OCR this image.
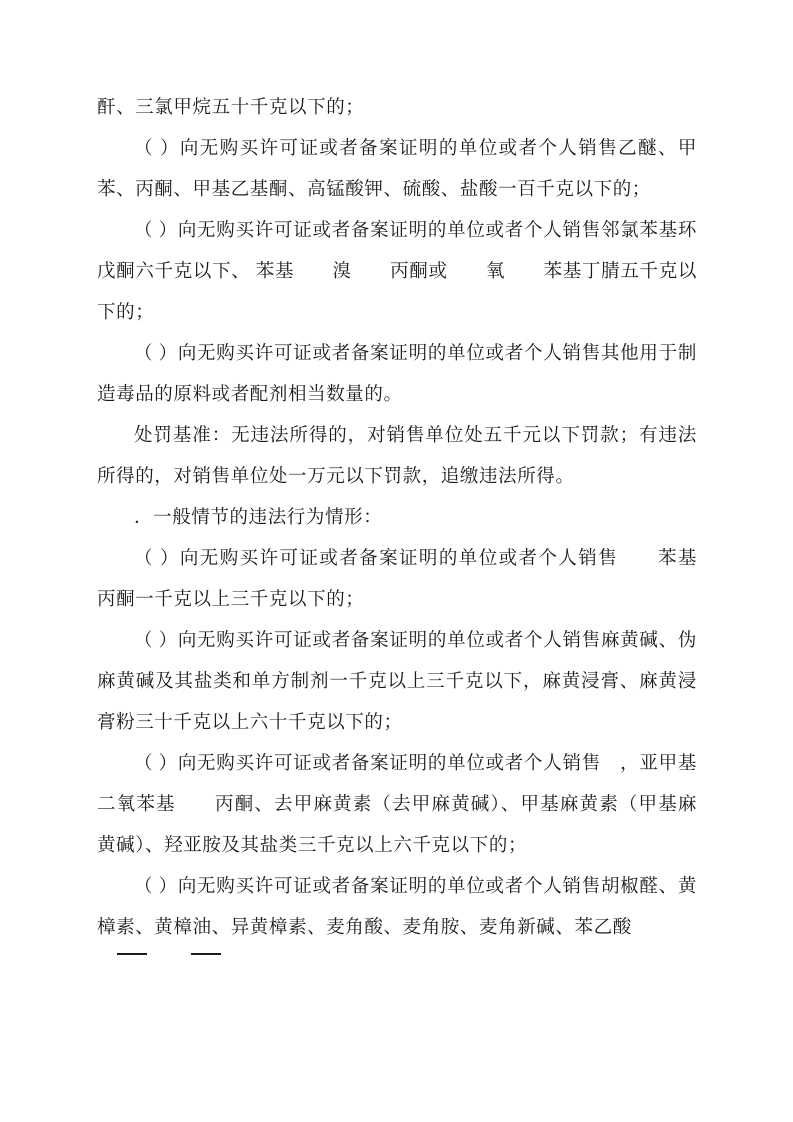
酐、三氯甲烷五十千克以下的；

（ ）向无购买许可证或者备案证明的单位或者个人销售乙醚、甲苯、丙酮、甲基乙基酮、高锰酸钾、硫酸、盐酸一百千克以下的；

（ ）向无购买许可证或者备案证明的单位或者个人销售邻氯苯基环戊酮六千克以下、 苯基　　溴　　丙酮或　　氧　　苯基丁腈五千克以下的；

（ ）向无购买许可证或者备案证明的单位或者个人销售其他用于制造毒品的原料或者配剂相当数量的。

处罚基准：无违法所得的，对销售单位处五千元以下罚款；有违法所得的，对销售单位处一万元以下罚款，追缴违法所得。

．一般情节的违法行为情形：

（ ）向无购买许可证或者备案证明的单位或者个人销售　　苯基　　丙酮一千克以上三千克以下的；

（ ）向无购买许可证或者备案证明的单位或者个人销售麻黄碱、伪麻黄碱及其盐类和单方制剂一千克以上三千克以下，麻黄浸膏、麻黄浸膏粉三十千克以上六十千克以下的；

（ ）向无购买许可证或者备案证明的单位或者个人销售　，亚甲基二氧苯基　　丙酮、去甲麻黄素（去甲麻黄碱）、甲基麻黄素（甲基麻黄碱）、羟亚胺及其盐类三千克以上六千克以下的；

（ ）向无购买许可证或者备案证明的单位或者个人销售胡椒醛、黄樟素、黄樟油、异黄樟素、麦角酸、麦角胺、麦角新碱、苯乙酸
